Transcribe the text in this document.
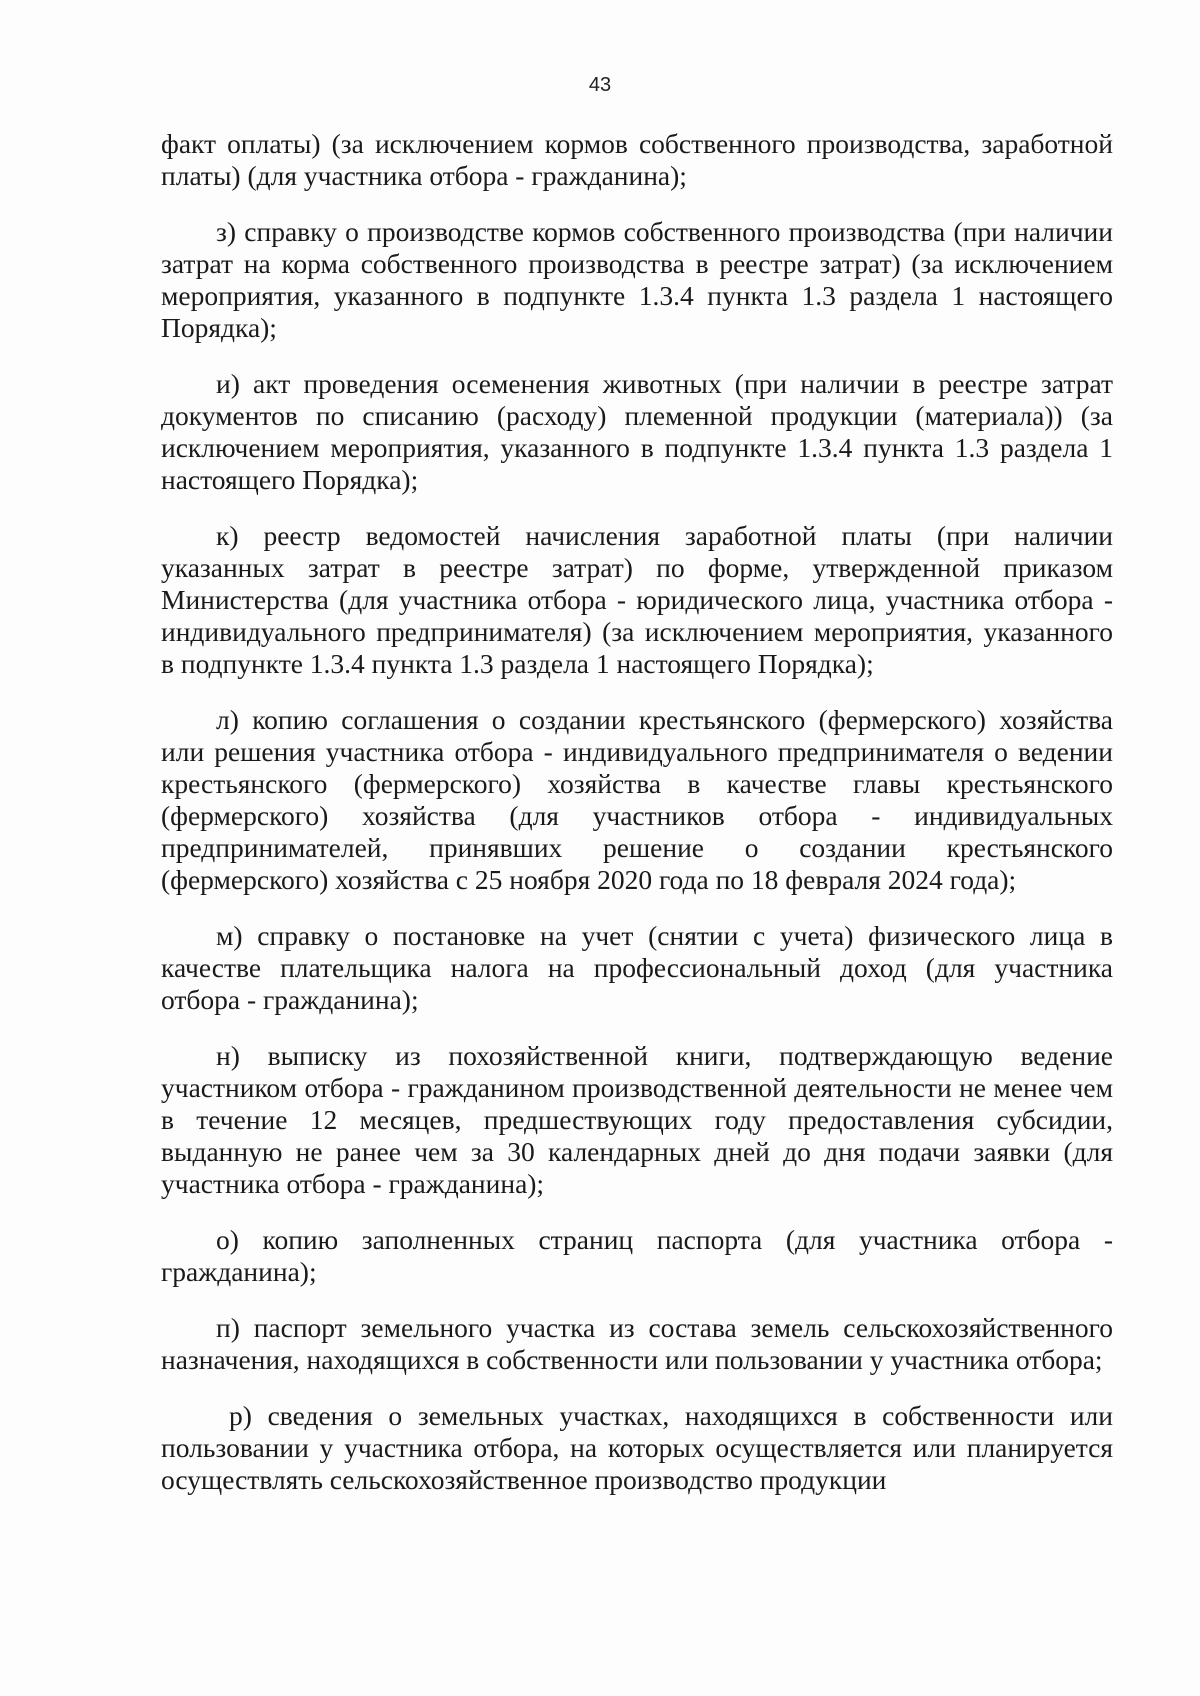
43

факт оплаты) (за исключением кормов собственного производства, заработной платы) (для участника отбора - гражданина);

з) справку о производстве кормов собственного производства (при наличии затрат на корма собственного производства в реестре затрат) (за исключением мероприятия, указанного в подпункте 1.3.4 пункта 1.3 раздела 1 настоящего Порядка);

и) акт проведения осеменения животных (при наличии в реестре затрат документов по списанию (расходу) племенной продукции (материала)) (за исключением мероприятия, указанного в подпункте 1.3.4 пункта 1.3 раздела 1 настоящего Порядка);

к) реестр ведомостей начисления заработной платы (при наличии указанных затрат в реестре затрат) по форме, утвержденной приказом Министерства (для участника отбора - юридического лица, участника отбора - индивидуального предпринимателя) (за исключением мероприятия, указанного в подпункте 1.3.4 пункта 1.3 раздела 1 настоящего Порядка);

л) копию соглашения о создании крестьянского (фермерского) хозяйства или решения участника отбора - индивидуального предпринимателя о ведении крестьянского (фермерского) хозяйства в качестве главы крестьянского (фермерского) хозяйства (для участников отбора - индивидуальных предпринимателей, принявших решение о создании крестьянского (фермерского) хозяйства с 25 ноября 2020 года по 18 февраля 2024 года);

м) справку о постановке на учет (снятии с учета) физического лица в качестве плательщика налога на профессиональный доход (для участника отбора - гражданина);

н) выписку из похозяйственной книги, подтверждающую ведение участником отбора - гражданином производственной деятельности не менее чем в течение 12 месяцев, предшествующих году предоставления субсидии, выданную не ранее чем за 30 календарных дней до дня подачи заявки (для участника отбора - гражданина);

о) копию заполненных страниц паспорта (для участника отбора - гражданина);

п) паспорт земельного участка из состава земель сельскохозяйственного назначения, находящихся в собственности или пользовании у участника отбора;

р) сведения о земельных участках, находящихся в собственности или пользовании у участника отбора, на которых осуществляется или планируется осуществлять сельскохозяйственное производство продукции
